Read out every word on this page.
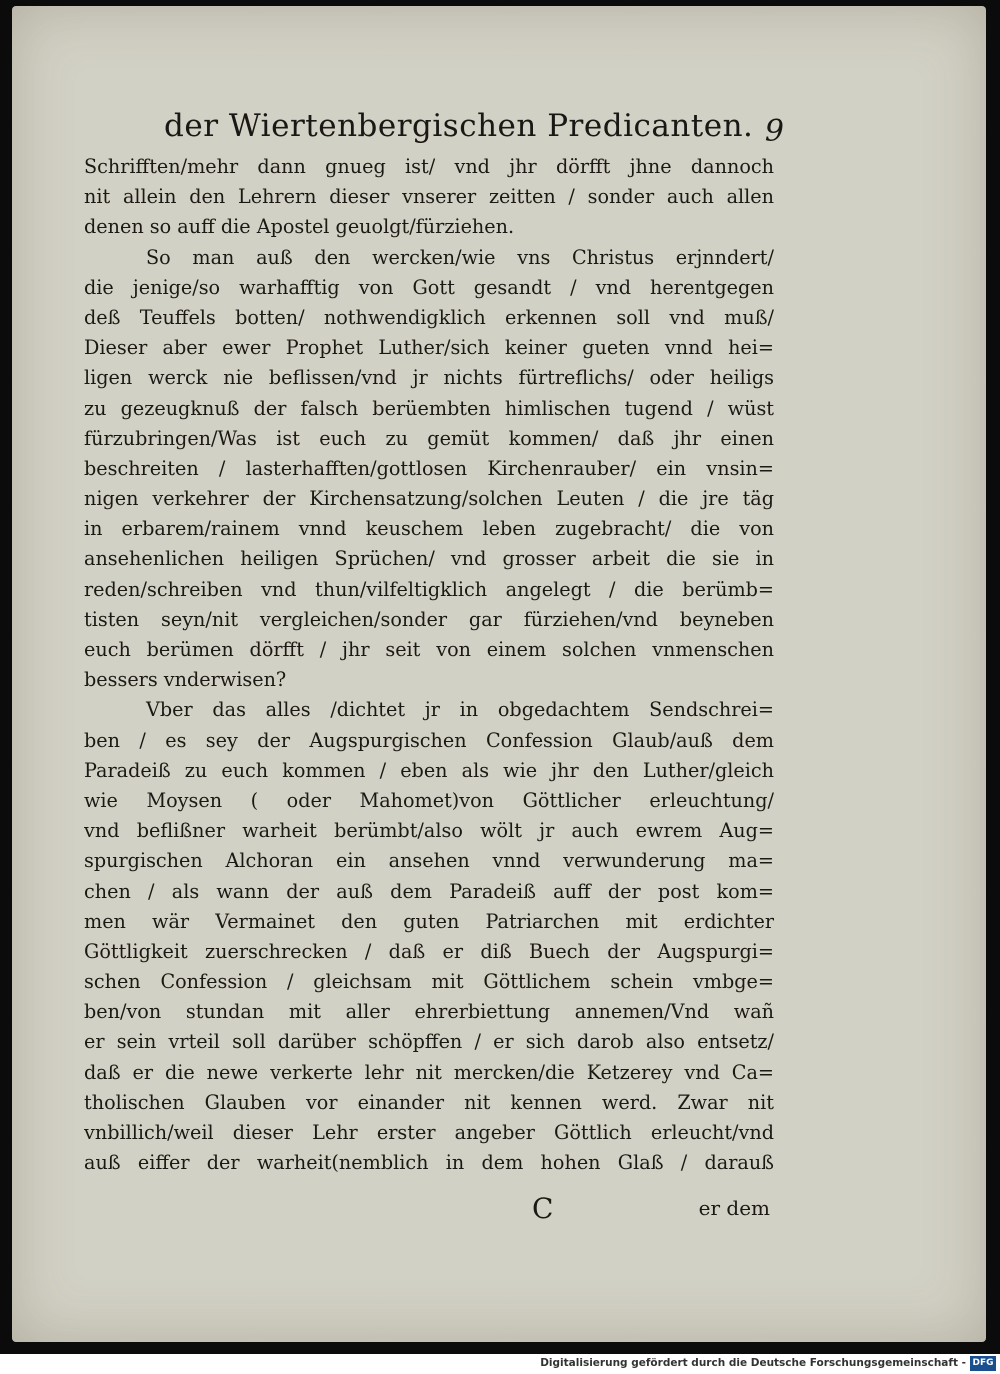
der Wiertenbergischen Predicanten. 9
Schrifften/mehr dann gnueg ist/ vnd jhr dörfft jhne dannoch
nit allein den Lehrern dieser vnserer zeitten / sonder auch allen
denen so auff die Apostel geuolgt/fürziehen.
So man auß den wercken/wie vns Christus erjnndert/
die jenige/so warhafftig von Gott gesandt / vnd herentgegen
deß Teuffels botten/ nothwendigklich erkennen soll vnd muß/
Dieser aber ewer Prophet Luther/sich keiner gueten vnnd hei=
ligen werck nie beflissen/vnd jr nichts fürtreflichs/ oder heiligs
zu gezeugknuß der falsch berüembten himlischen tugend / wüst
fürzubringen/Was ist euch zu gemüt kommen/ daß jhr einen
beschreiten / lasterhafften/gottlosen Kirchenrauber/ ein vnsin=
nigen verkehrer der Kirchensatzung/solchen Leuten / die jre täg
in erbarem/rainem vnnd keuschem leben zugebracht/ die von
ansehenlichen heiligen Sprüchen/ vnd grosser arbeit die sie in
reden/schreiben vnd thun/vilfeltigklich angelegt / die berümb=
tisten seyn/nit vergleichen/sonder gar fürziehen/vnd beyneben
euch berümen dörfft / jhr seit von einem solchen vnmenschen
bessers vnderwisen?
Vber das alles /dichtet jr in obgedachtem Sendschrei=
ben / es sey der Augspurgischen Confession Glaub/auß dem
Paradeiß zu euch kommen / eben als wie jhr den Luther/gleich
wie Moysen ( oder Mahomet)von Göttlicher erleuchtung/
vnd beflißner warheit berümbt/also wölt jr auch ewrem Aug=
spurgischen Alchoran ein ansehen vnnd verwunderung ma=
chen / als wann der auß dem Paradeiß auff der post kom=
men wär Vermainet den guten Patriarchen mit erdichter
Göttligkeit zuerschrecken / daß er diß Buech der Augspurgi=
schen Confession / gleichsam mit Göttlichem schein vmbge=
ben/von stundan mit aller ehrerbiettung annemen/Vnd wañ
er sein vrteil soll darüber schöpffen / er sich darob also entsetz/
daß er die newe verkerte lehr nit mercken/die Ketzerey vnd Ca=
tholischen Glauben vor einander nit kennen werd. Zwar nit
vnbillich/weil dieser Lehr erster angeber Göttlich erleucht/vnd
auß eiffer der warheit(nemblich in dem hohen Glaß / darauß
C	er dem
Digitalisierung gefördert durch die Deutsche Forschungsgemeinschaft - DFG
